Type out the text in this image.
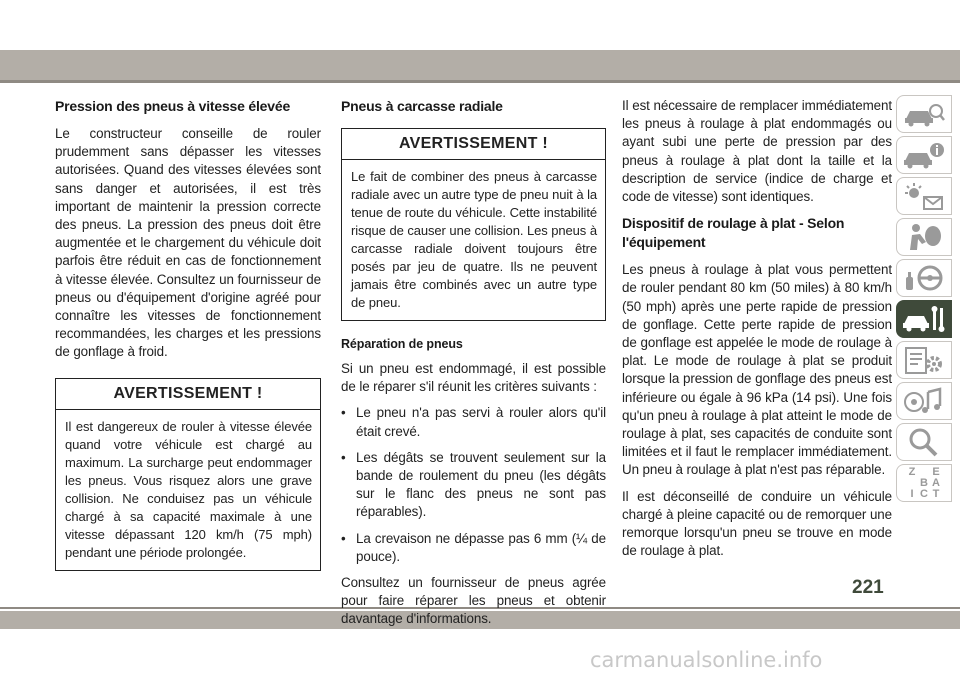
Pression des pneus à vitesse élevée

Le constructeur conseille de rouler prudemment sans dépasser les vitesses autorisées. Quand des vitesses élevées sont sans danger et autorisées, il est très important de maintenir la pression correcte des pneus. La pression des pneus doit être augmentée et le chargement du véhicule doit parfois être réduit en cas de fonctionnement à vitesse élevée. Consultez un fournisseur de pneus ou d'équipement d'origine agréé pour connaître les vitesses de fonctionnement recommandées, les charges et les pressions de gonflage à froid.

AVERTISSEMENT !
Il est dangereux de rouler à vitesse élevée quand votre véhicule est chargé au maximum. La surcharge peut endommager les pneus. Vous risquez alors une grave collision. Ne conduisez pas un véhicule chargé à sa capacité maximale à une vitesse dépassant 120 km/h (75 mph) pendant une période prolongée.
Pneus à carcasse radiale
AVERTISSEMENT !
Le fait de combiner des pneus à carcasse radiale avec un autre type de pneu nuit à la tenue de route du véhicule. Cette instabilité risque de causer une collision. Les pneus à carcasse radiale doivent toujours être posés par jeu de quatre. Ils ne peuvent jamais être combinés avec un autre type de pneu.
Réparation de pneus

Si un pneu est endommagé, il est possible de le réparer s'il réunit les critères suivants :

• Le pneu n'a pas servi à rouler alors qu'il était crevé.
• Les dégâts se trouvent seulement sur la bande de roulement du pneu (les dégâts sur le flanc des pneus ne sont pas réparables).
• La crevaison ne dépasse pas 6 mm (¼ de pouce).

Consultez un fournisseur de pneus agrée pour faire réparer les pneus et obtenir davantage d'informations.

Il est nécessaire de remplacer immédiatement les pneus à roulage à plat endommagés ou ayant subi une perte de pression par des pneus à roulage à plat dont la taille et la description de service (indice de charge et code de vitesse) sont identiques.

Dispositif de roulage à plat - Selon l'équipement

Les pneus à roulage à plat vous permettent de rouler pendant 80 km (50 miles) à 80 km/h (50 mph) après une perte rapide de pression de gonflage. Cette perte rapide de pression de gonflage est appelée le mode de roulage à plat. Le mode de roulage à plat se produit lorsque la pression de gonflage des pneus est inférieure ou égale à 96 kPa (14 psi). Une fois qu'un pneu à roulage à plat atteint le mode de roulage à plat, ses capacités de conduite sont limitées et il faut le remplacer immédiatement. Un pneu à roulage à plat n'est pas réparable.

Il est déconseillé de conduire un véhicule chargé à pleine capacité ou de remorquer une remorque lorsqu'un pneu se trouve en mode de roulage à plat.

Z E
B A
I C T
221
carmanualsonline.info
